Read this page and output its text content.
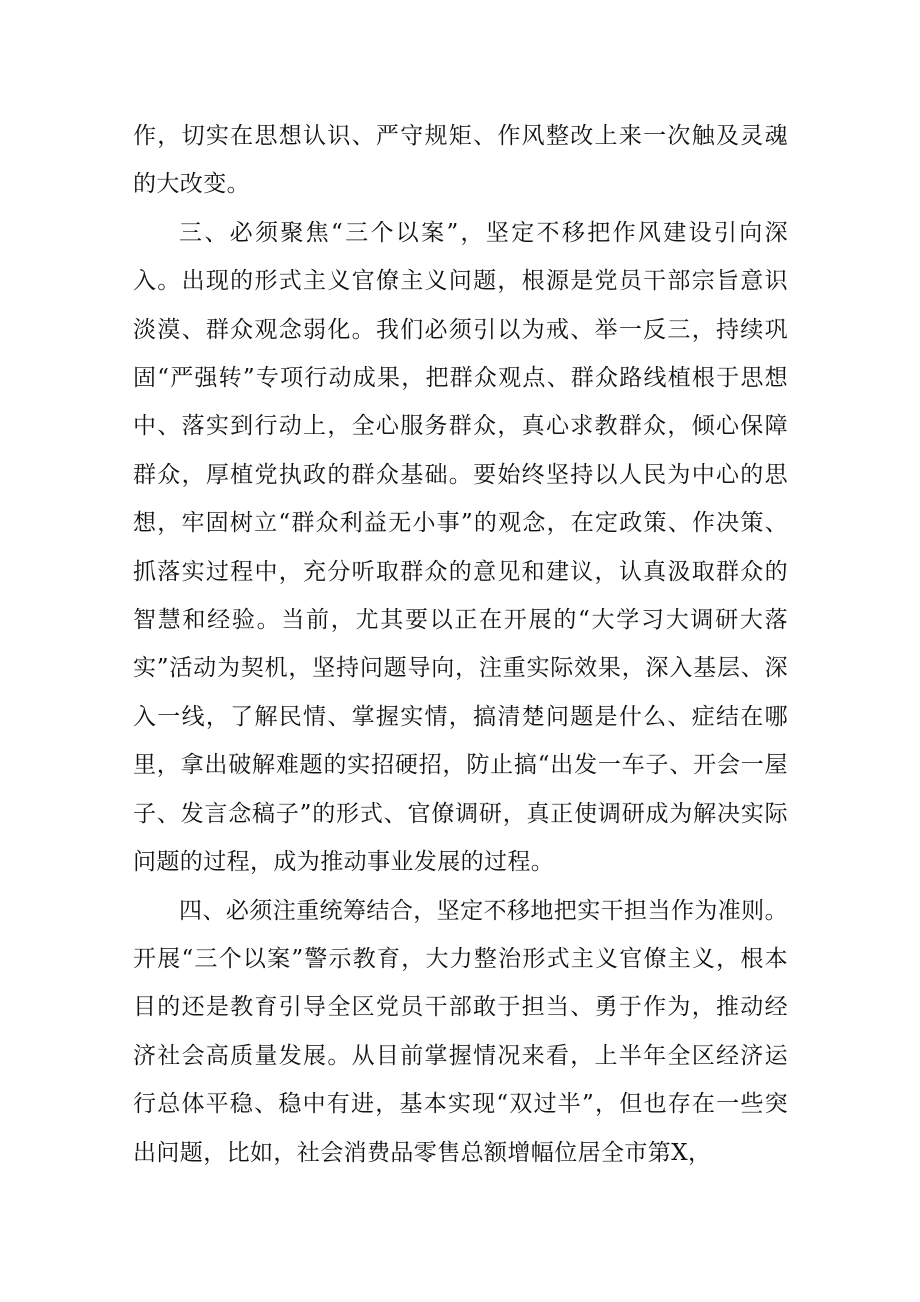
作，切实在思想认识、严守规矩、作风整改上来一次触及灵魂的大改变。

三、必须聚焦“三个以案”，坚定不移把作风建设引向深入。出现的形式主义官僚主义问题，根源是党员干部宗旨意识淡漠、群众观念弱化。我们必须引以为戒、举一反三，持续巩固“严强转”专项行动成果，把群众观点、群众路线植根于思想中、落实到行动上，全心服务群众，真心求教群众，倾心保障群众，厚植党执政的群众基础。要始终坚持以人民为中心的思想，牢固树立“群众利益无小事”的观念，在定政策、作决策、抓落实过程中，充分听取群众的意见和建议，认真汲取群众的智慧和经验。当前，尤其要以正在开展的“大学习大调研大落实”活动为契机，坚持问题导向，注重实际效果，深入基层、深入一线，了解民情、掌握实情，搞清楚问题是什么、症结在哪里，拿出破解难题的实招硬招，防止搞“出发一车子、开会一屋子、发言念稿子”的形式、官僚调研，真正使调研成为解决实际问题的过程，成为推动事业发展的过程。

四、必须注重统筹结合，坚定不移地把实干担当作为准则。开展“三个以案”警示教育，大力整治形式主义官僚主义，根本目的还是教育引导全区党员干部敢于担当、勇于作为，推动经济社会高质量发展。从目前掌握情况来看，上半年全区经济运行总体平稳、稳中有进，基本实现“双过半”，但也存在一些突出问题，比如，社会消费品零售总额增幅位居全市第X，
